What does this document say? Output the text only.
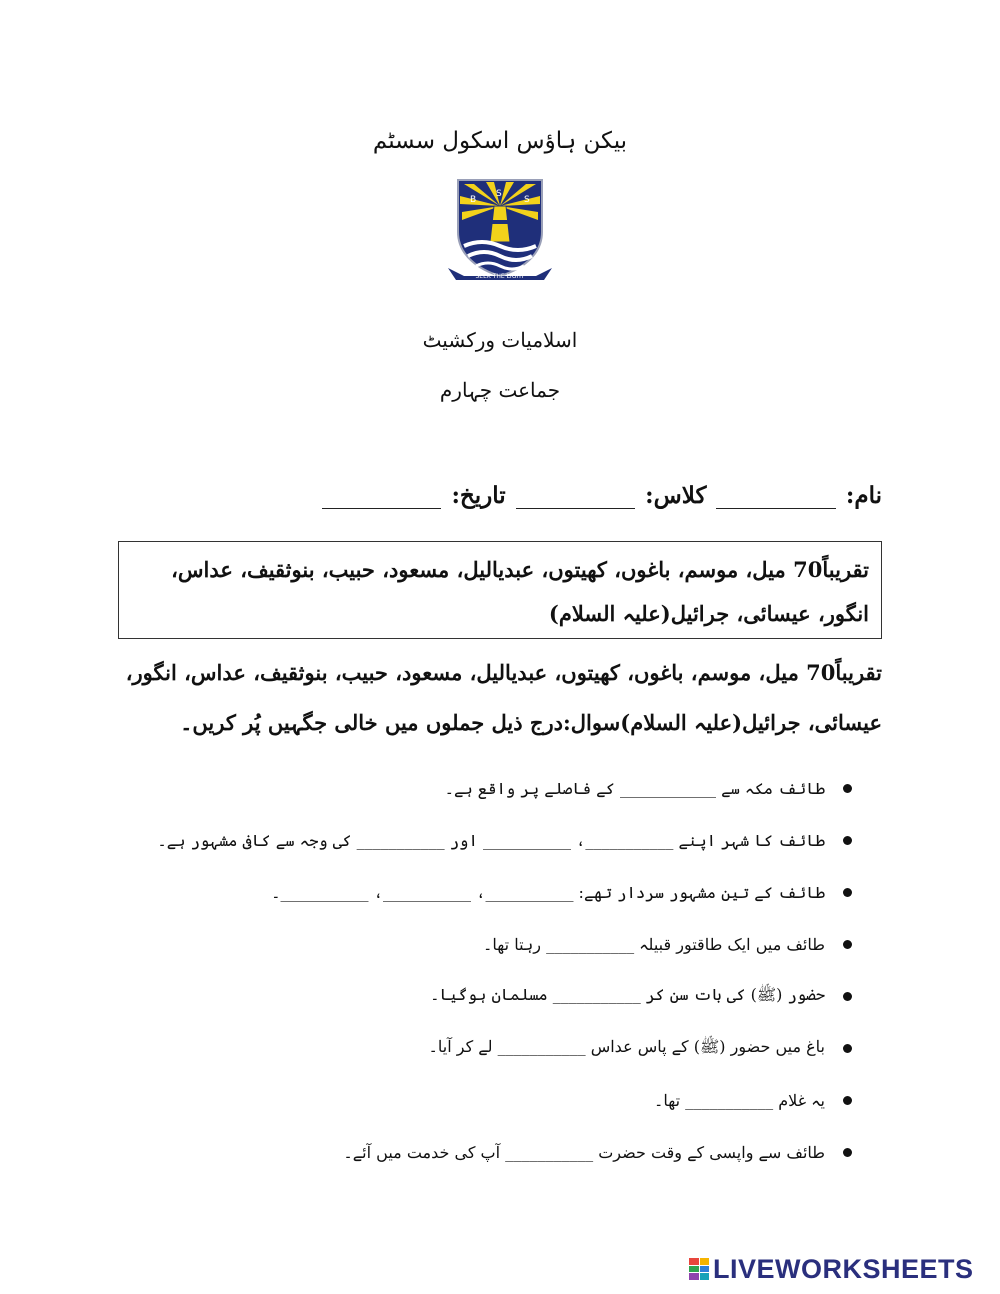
بیکن ہاؤس اسکول سسٹم
B
S
S
SEEK THE LIGHT
اسلامیات ورکشیٹ
جماعت چہارم
نام:
کلاس:
تاریخ:
تقریباً70 میل، موسم، باغوں، کھیتوں، عبدیالیل، مسعود، حبیب، بنوثقیف، عداس، انگور، عیسائی، جرائیل(علیہ السلام)
تقریباً70 میل، موسم، باغوں، کھیتوں، عبدیالیل، مسعود، حبیب، بنوثقیف، عداس، انگور، عیسائی، جرائیل(علیہ السلام)سوال:درج ذیل جملوں میں خالی جگہیں پُر کریں۔
طائف مکہ سے ____________ کے فاصلے پر واقع ہے۔
طائف کا شہر اپنے ___________، ___________ اور ___________ کی وجہ سے کافی مشہور ہے۔
طائف کے تین مشہور سردار تھے: ___________، ___________، ___________۔
طائف میں ایک طاقتور قبیلہ ___________ رہتا تھا۔
حضور (ﷺ) کی بات سن کر ___________ مسلمان ہوگیا۔
باغ میں حضور (ﷺ) کے پاس عداس ___________ لے کر آیا۔
یہ غلام ___________ تھا۔
طائف سے واپسی کے وقت حضرت ___________ آپ کی خدمت میں آئے۔
LIVEWORKSHEETS
